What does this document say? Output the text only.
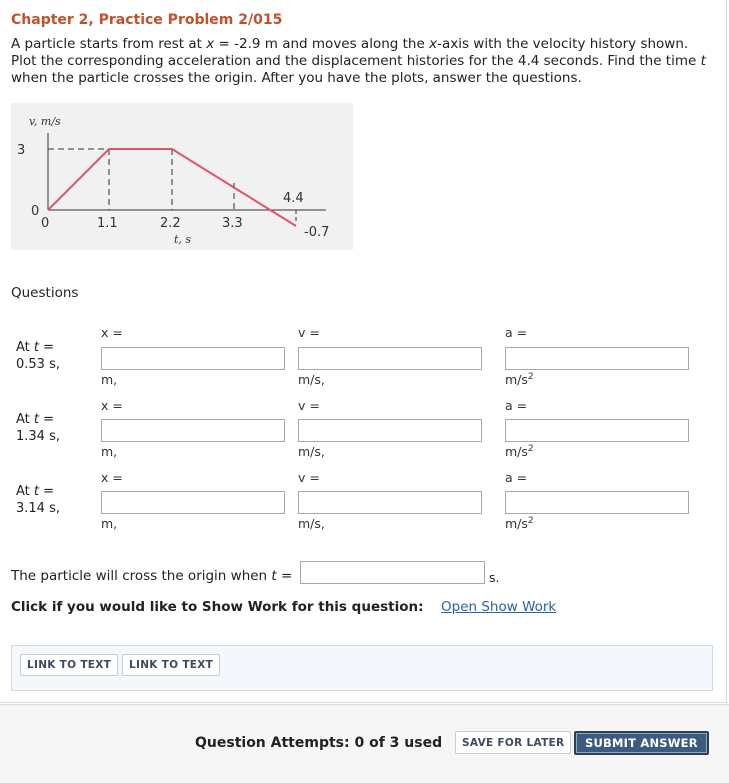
Chapter 2, Practice Problem 2/015
A particle starts from rest at x = -2.9 m and moves along the x-axis with the velocity history shown. Plot the corresponding acceleration and the displacement histories for the 4.4 seconds. Find the time t when the particle crosses the origin. After you have the plots, answer the questions.
v, m/s
3
0
0	1.1	2.2	3.3
4.4
-0.7
t, s
Questions
At t =
0.53 s,
x =	v =	a =
m,	m/s,	$m/s^2$
At t =
1.34 s,
x =	v =	a =
m,	m/s,	$m/s^2$
At t =
3.14 s,
x =	v =	a =
m,	m/s,	$m/s^2$
The particle will cross the origin when t =	s.
Click if you would like to Show Work for this question: Open Show Work
LINK TO TEXT	LINK TO TEXT
Question Attempts: 0 of 3 used	SAVE FOR LATER	SUBMIT ANSWER
